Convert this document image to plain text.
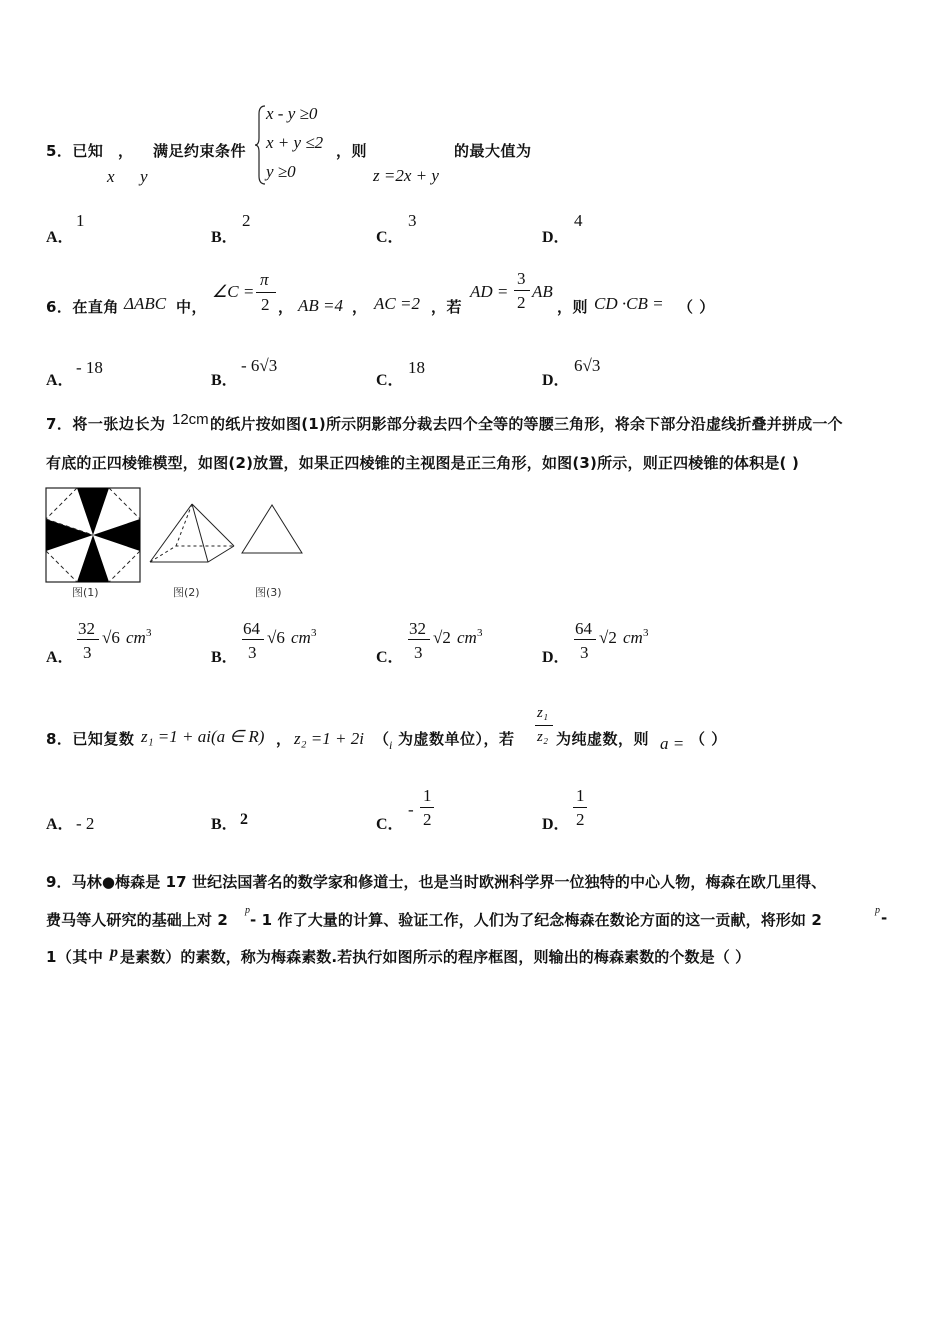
5．已知 ，
x y
满足约束条件
x - y ≥0
x + y ≤2
y ≥0
，则
z =2x + y
的最大值为
A．
1
B．
2
C．
3
D．
4
6．在直角 ΔABC 中，
∠C =
π
2 ， AB =4 ， AC =2 ，若
AD =
3
2
AB
，则 CD ·CB = （ ）
A．
- 18
B．
- 6√3
C．
18
D．
6√3
7．将一张边长为 12cm 的纸片按如图(1)所示阴影部分裁去四个全等的等腰三角形，将余下部分沿虚线折叠并拼成一个
有底的正四棱锥模型，如图(2)放置，如果正四棱锥的主视图是正三角形，如图(3)所示，则正四棱锥的体积是( )
图(1)	图(2)	图(3)
A．
32
3
√6 cm 3
B．
64
3
√6 cm 3
C．
32
3
√2 cm 3
D．
64
3
√2 cm 3
8．已知复数 z₁ =1 + ai(a ∈ R) ， z₂ =1 + 2i （ i 为虚数单位），若
z₁
z₂ 为纯虚数，则 a = （ ）
A． - 2	B． 2	C．
-
1
2	D．
1
2
9．马林●梅森是 17 世纪法国著名的数学家和修道士，也是当时欧洲科学界一位独特的中心人物，梅森在欧几里得、
费马等人研究的基础上对 2
p
- 1 作了大量的计算、验证工作，人们为了纪念梅森在数论方面的这一贡献，将形如 2
p -
1（其中 p 是素数）的素数，称为梅森素数.若执行如图所示的程序框图，则输出的梅森素数的个数是（ ）
